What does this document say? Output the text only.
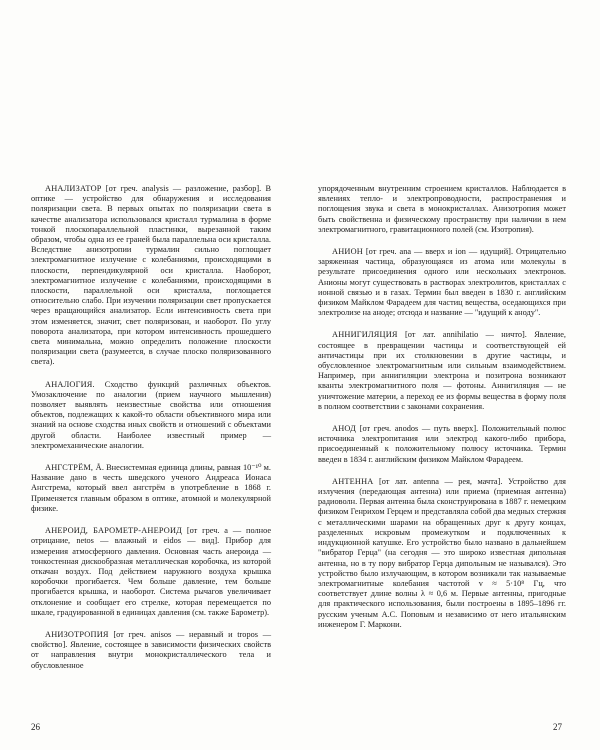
АНАЛИЗАТОР [от греч. analysis — разложение, разбор]. В оптике — устройство для обнаружения и исследования поляризации света. В первых опытах по поляризации света в качестве анализатора использовался кристалл турмалина в форме тонкой плоскопараллельной пластинки, вырезанной таким образом, чтобы одна из ее граней была параллельна оси кристалла. Вследствие анизотропии турмалин сильно поглощает электромагнитное излучение с колебаниями, происходящими в плоскости, перпендикулярной оси кристалла. Наоборот, электромагнитное излучение с колебаниями, происходящими в плоскости, параллельной оси кристалла, поглощается относительно слабо. При изучении поляризации свет пропускается через вращающийся анализатор. Если интенсивность света при этом изменяется, значит, свет поляризован, и наоборот. По углу поворота анализатора, при котором интенсивность прошедшего света минимальна, можно определить положение плоскости поляризации света (разумеется, в случае плоско поляризованного света).

АНАЛОГИЯ. Сходство функций различных объектов. Умозаключение по аналогии (прием научного мышления) позволяет выявлять неизвестные свойства или отношения объектов, подлежащих к какой-то области объективного мира или знаний на основе сходства иных свойств и отношений с объектами другой области. Наиболее известный пример — электромеханические аналогии.

АНГСТРЁМ, Å. Внесистемная единица длины, равная 10⁻¹⁰ м. Название дано в честь шведского ученого Андреаса Ионаса Ангстрема, который ввел ангстрём в употребление в 1868 г. Применяется главным образом в оптике, атомной и молекулярной физике.

АНЕРОИД, БАРОМЕТР-АНЕРОИД [от греч. а — полное отрицание, netos — влажный и eidos — вид]. Прибор для измерения атмосферного давления. Основная часть анероида — тонкостенная дискообразная металлическая коробочка, из которой откачан воздух. Под действием наружного воздуха крышка коробочки прогибается. Чем больше давление, тем больше прогибается крышка, и наоборот. Система рычагов увеличивает отклонение и сообщает его стрелке, которая перемещается по шкале, градуированной в единицах давления (см. также Барометр).

АНИЗОТРОПИЯ [от греч. anisos — неравный и tropos — свойство]. Явление, состоящее в зависимости физических свойств от направления внутри монокристаллического тела и обусловленное

упорядоченным внутренним строением кристаллов. Наблюдается в явлениях тепло- и электропроводности, распространения и поглощения звука и света в монокристаллах. Анизотропия может быть свойственна и физическому пространству при наличии в нем электромагнитного, гравитационного полей (см. Изотропия).

АНИОН [от греч. ana — вверх и ion — идущий]. Отрицательно заряженная частица, образующаяся из атома или молекулы в результате присоединения одного или нескольких электронов. Анионы могут существовать в растворах электролитов, кристаллах с ионной связью и в газах. Термин был введен в 1830 г. английским физиком Майклом Фарадеем для частиц вещества, оседающихся при электролизе на аноде; отсюда и название — "идущий к аноду".

АННИГИЛЯЦИЯ [от лат. annihilatio — ничто]. Явление, состоящее в превращении частицы и соответствующей ей античастицы при их столкновении в другие частицы, и обусловленное электромагнитным или сильным взаимодействием. Например, при аннигиляции электрона и позитрона возникают кванты электромагнитного поля — фотоны. Аннигиляция — не уничтожение материи, а переход ее из формы вещества в форму поля в полном соответствии с законами сохранения.

АНОД [от греч. anodos — путь вверх]. Положительный полюс источника электропитания или электрод какого-либо прибора, присоединенный к положительному полюсу источника. Термин введен в 1834 г. английским физиком Майклом Фарадеем.

АНТЕННА [от лат. antenna — рея, мачта]. Устройство для излучения (передающая антенна) или приема (приемная антенна) радиоволн. Первая антенна была сконструирована в 1887 г. немецким физиком Генрихом Герцем и представляла собой два медных стержня с металлическими шарами на обращенных друг к другу концах, разделенных искровым промежутком и подключенных к индукционной катушке. Его устройство было названо в дальнейшем "вибратор Герца" (на сегодня — это широко известная дипольная антенна, но в ту пору вибратор Герца дипольным не назывался). Это устройство было излучающим, в котором возникали так называемые электромагнитные колебания частотой v ≈ 5·10⁸ Гц, что соответствует длине волны λ ≈ 0,6 м. Первые антенны, пригодные для практического использования, были построены в 1895–1896 гг. русским ученым А.С. Поповым и независимо от него итальянским инженером Г. Маркони.

26	27
